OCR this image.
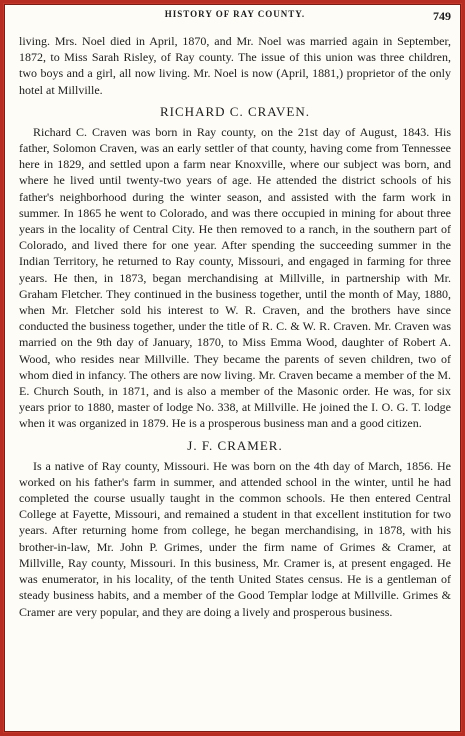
HISTORY OF RAY COUNTY.	749

living. Mrs. Noel died in April, 1870, and Mr. Noel was married again in September, 1872, to Miss Sarah Risley, of Ray county. The issue of this union was three children, two boys and a girl, all now living. Mr. Noel is now (April, 1881,) proprietor of the only hotel at Millville.

RICHARD C. CRAVEN.

Richard C. Craven was born in Ray county, on the 21st day of August, 1843. His father, Solomon Craven, was an early settler of that county, having come from Tennessee here in 1829, and settled upon a farm near Knoxville, where our subject was born, and where he lived until twenty-two years of age. He attended the district schools of his father's neighborhood during the winter season, and assisted with the farm work in summer. In 1865 he went to Colorado, and was there occupied in mining for about three years in the locality of Central City. He then removed to a ranch, in the southern part of Colorado, and lived there for one year. After spending the succeeding summer in the Indian Territory, he returned to Ray county, Missouri, and engaged in farming for three years. He then, in 1873, began merchandising at Millville, in partnership with Mr. Graham Fletcher. They continued in the business together, until the month of May, 1880, when Mr. Fletcher sold his interest to W. R. Craven, and the brothers have since conducted the business together, under the title of R. C. & W. R. Craven. Mr. Craven was married on the 9th day of January, 1870, to Miss Emma Wood, daughter of Robert A. Wood, who resides near Millville. They became the parents of seven children, two of whom died in infancy. The others are now living. Mr. Craven became a member of the M. E. Church South, in 1871, and is also a member of the Masonic order. He was, for six years prior to 1880, master of lodge No. 338, at Millville. He joined the I. O. G. T. lodge when it was organized in 1879. He is a prosperous business man and a good citizen.

J. F. CRAMER.

Is a native of Ray county, Missouri. He was born on the 4th day of March, 1856. He worked on his father's farm in summer, and attended school in the winter, until he had completed the course usually taught in the common schools. He then entered Central College at Fayette, Missouri, and remained a student in that excellent institution for two years. After returning home from college, he began merchandising, in 1878, with his brother-in-law, Mr. John P. Grimes, under the firm name of Grimes & Cramer, at Millville, Ray county, Missouri. In this business, Mr. Cramer is, at present engaged. He was enumerator, in his locality, of the tenth United States census. He is a gentleman of steady business habits, and a member of the Good Templar lodge at Millville. Grimes & Cramer are very popular, and they are doing a lively and prosperous business.
